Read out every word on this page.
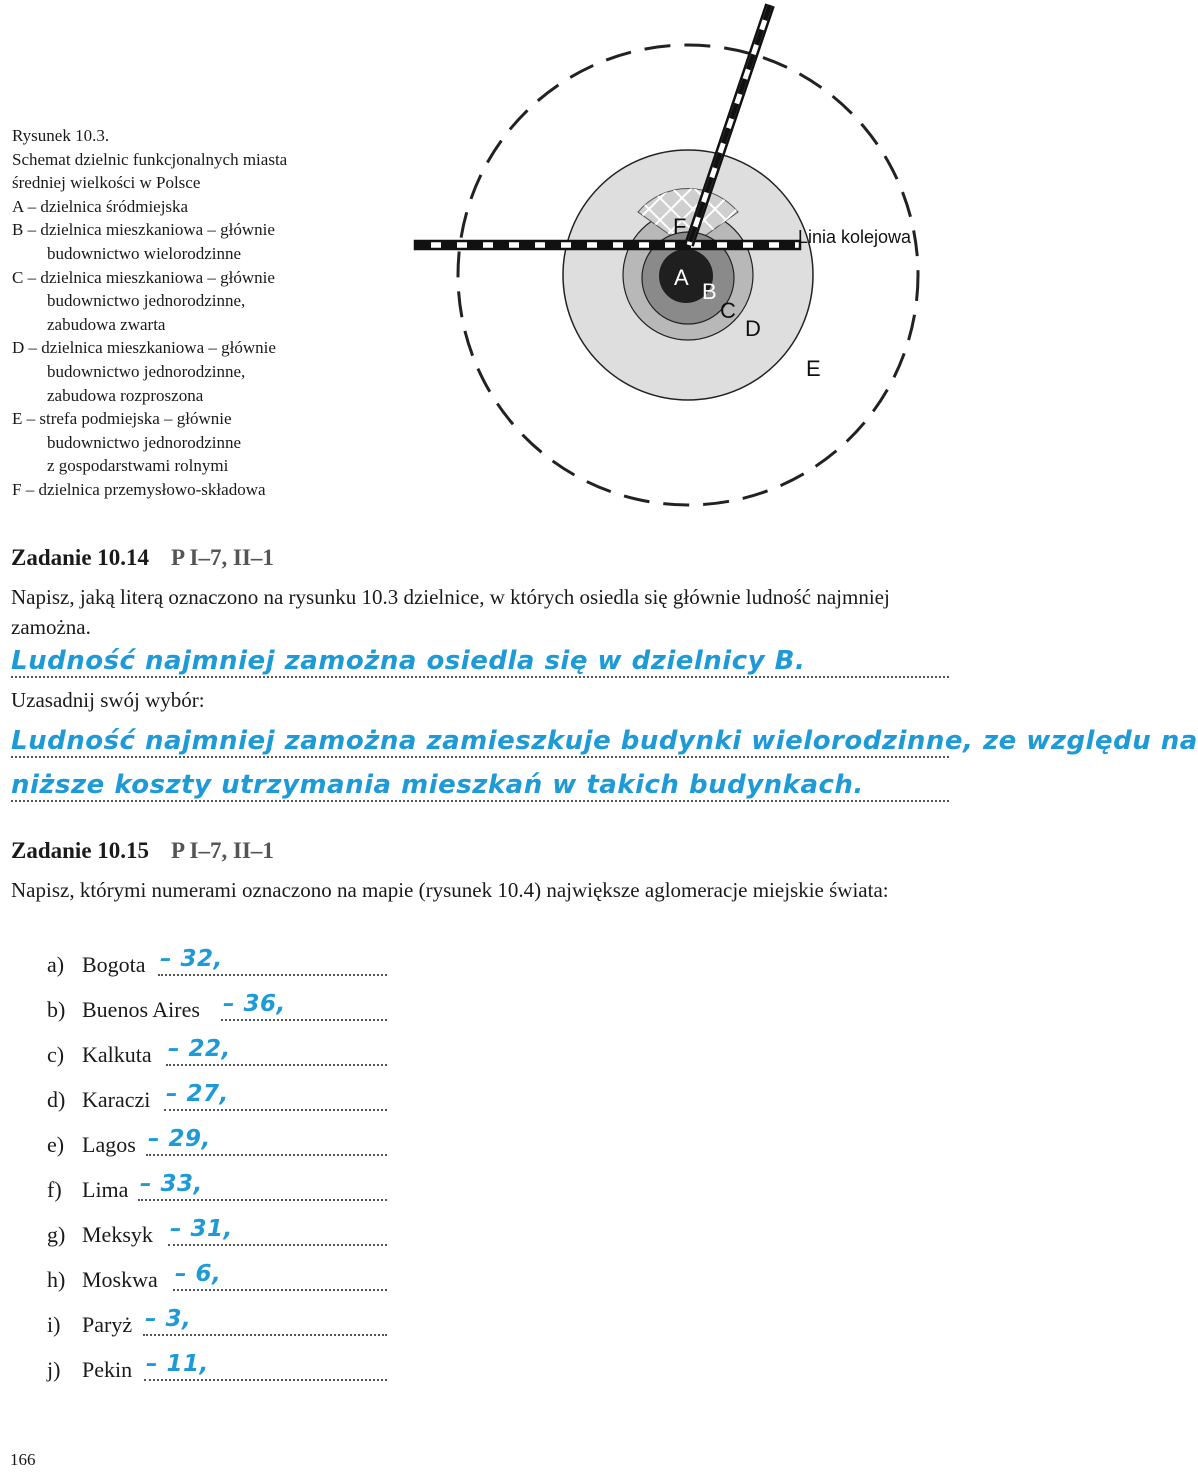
Rysunek 10.3.
Schemat dzielnic funkcjonalnych miasta
średniej wielkości w Polsce
A – dzielnica śródmiejska
B – dzielnica mieszkaniowa – głównie
budownictwo wielorodzinne
C – dzielnica mieszkaniowa – głównie
budownictwo jednorodzinne,
zabudowa zwarta
D – dzielnica mieszkaniowa – głównie
budownictwo jednorodzinne,
zabudowa rozproszona
E – strefa podmiejska – głównie
budownictwo jednorodzinne
z gospodarstwami rolnymi
F – dzielnica przemysłowo-składowa
F
A
B
C
D
E
Linia kolejowa
Zadanie 10.14 P I–7, II–1
Napisz, jaką literą oznaczono na rysunku 10.3 dzielnice, w których osiedla się głównie ludność najmniej zamożna.
Ludność najmniej zamożna osiedla się w dzielnicy B.
Uzasadnij swój wybór:
Ludność najmniej zamożna zamieszkuje budynki wielorodzinne, ze względu na
niższe koszty utrzymania mieszkań w takich budynkach.
Zadanie 10.15 P I–7, II–1
Napisz, którymi numerami oznaczono na mapie (rysunek 10.4) największe aglomeracje miejskie świata:
a) Bogota – 32,
b) Buenos Aires – 36,
c) Kalkuta – 22,
d) Karaczi – 27,
e) Lagos – 29,
f) Lima – 33,
g) Meksyk – 31,
h) Moskwa – 6,
i) Paryż – 3,
j) Pekin – 11,
166
